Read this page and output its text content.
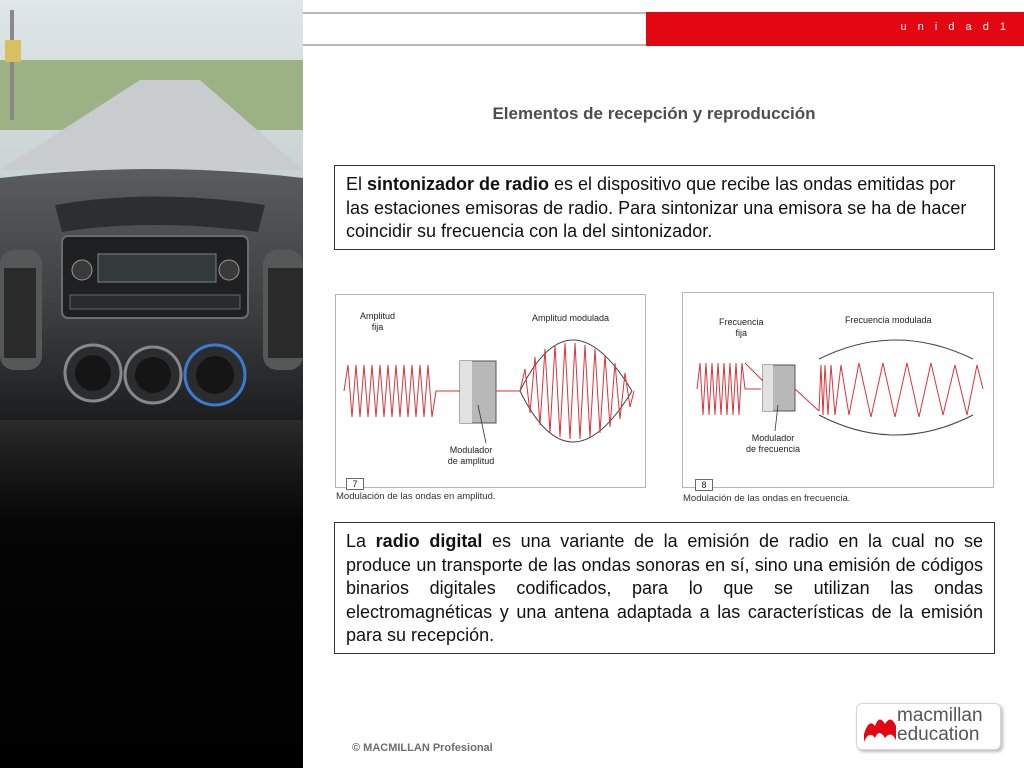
u n i d a d 1
Elementos de recepción y reproducción
El sintonizador de radio es el dispositivo que recibe las ondas emitidas por las estaciones emisoras de radio. Para sintonizar una emisora se ha de hacer coincidir su frecuencia con la del sintonizador.
Amplitud
fija
Amplitud modulada
Modulador
de amplitud
7
Modulación de las ondas en amplitud.
Frecuencia
fija
Frecuencia modulada
Modulador
de frecuencia
8
Modulación de las ondas en frecuencia.
La radio digital es una variante de la emisión de radio en la cual no se produce un transporte de las ondas sonoras en sí, sino una emisión de códigos binarios digitales codificados, para lo que se utilizan las ondas electromagnéticas y una antena adaptada a las características de la emisión para su recepción.
© MACMILLAN Profesional
macmillan
education
